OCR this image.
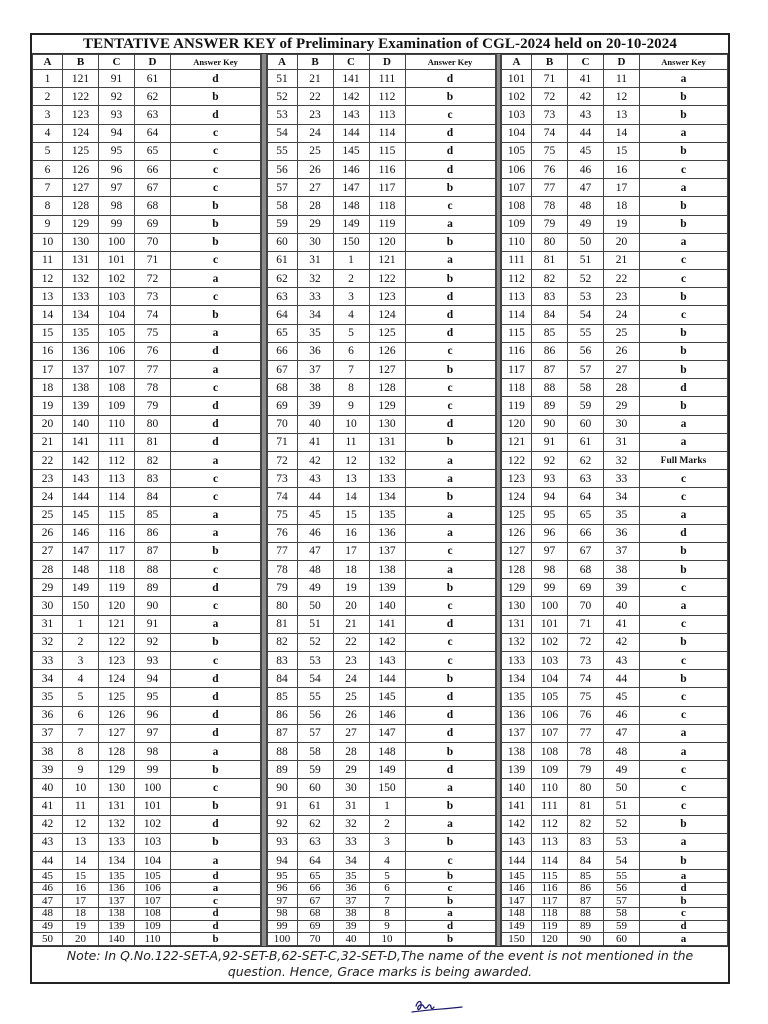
TENTATIVE ANSWER KEY of Preliminary Examination of CGL-2024 held on 20-10-2024
A	B	C	D	Answer Key
1	121	91	61	d
2	122	92	62	b
3	123	93	63	d
4	124	94	64	c
5	125	95	65	c
6	126	96	66	c
7	127	97	67	c
8	128	98	68	b
9	129	99	69	b
10	130	100	70	b
11	131	101	71	c
12	132	102	72	a
13	133	103	73	c
14	134	104	74	b
15	135	105	75	a
16	136	106	76	d
17	137	107	77	a
18	138	108	78	c
19	139	109	79	d
20	140	110	80	d
21	141	111	81	d
22	142	112	82	a
23	143	113	83	c
24	144	114	84	c
25	145	115	85	a
26	146	116	86	a
27	147	117	87	b
28	148	118	88	c
29	149	119	89	d
30	150	120	90	c
31	1	121	91	a
32	2	122	92	b
33	3	123	93	c
34	4	124	94	d
35	5	125	95	d
36	6	126	96	d
37	7	127	97	d
38	8	128	98	a
39	9	129	99	b
40	10	130	100	c
41	11	131	101	b
42	12	132	102	d
43	13	133	103	b
44	14	134	104	a
45	15	135	105	d
46	16	136	106	a
47	17	137	107	c
48	18	138	108	d
49	19	139	109	d
50	20	140	110	b
A	B	C	D	Answer Key
51	21	141	111	d
52	22	142	112	b
53	23	143	113	c
54	24	144	114	d
55	25	145	115	d
56	26	146	116	d
57	27	147	117	b
58	28	148	118	c
59	29	149	119	a
60	30	150	120	b
61	31	1	121	a
62	32	2	122	b
63	33	3	123	d
64	34	4	124	d
65	35	5	125	d
66	36	6	126	c
67	37	7	127	b
68	38	8	128	c
69	39	9	129	c
70	40	10	130	d
71	41	11	131	b
72	42	12	132	a
73	43	13	133	a
74	44	14	134	b
75	45	15	135	a
76	46	16	136	a
77	47	17	137	c
78	48	18	138	a
79	49	19	139	b
80	50	20	140	c
81	51	21	141	d
82	52	22	142	c
83	53	23	143	c
84	54	24	144	b
85	55	25	145	d
86	56	26	146	d
87	57	27	147	d
88	58	28	148	b
89	59	29	149	d
90	60	30	150	a
91	61	31	1	b
92	62	32	2	a
93	63	33	3	b
94	64	34	4	c
95	65	35	5	b
96	66	36	6	c
97	67	37	7	b
98	68	38	8	a
99	69	39	9	d
100	70	40	10	b
A	B	C	D	Answer Key
101	71	41	11	a
102	72	42	12	b
103	73	43	13	b
104	74	44	14	a
105	75	45	15	b
106	76	46	16	c
107	77	47	17	a
108	78	48	18	b
109	79	49	19	b
110	80	50	20	a
111	81	51	21	c
112	82	52	22	c
113	83	53	23	b
114	84	54	24	c
115	85	55	25	b
116	86	56	26	b
117	87	57	27	b
118	88	58	28	d
119	89	59	29	b
120	90	60	30	a
121	91	61	31	a
122	92	62	32	Full Marks
123	93	63	33	c
124	94	64	34	c
125	95	65	35	a
126	96	66	36	d
127	97	67	37	b
128	98	68	38	b
129	99	69	39	c
130	100	70	40	a
131	101	71	41	c
132	102	72	42	b
133	103	73	43	c
134	104	74	44	b
135	105	75	45	c
136	106	76	46	c
137	107	77	47	a
138	108	78	48	a
139	109	79	49	c
140	110	80	50	c
141	111	81	51	c
142	112	82	52	b
143	113	83	53	a
144	114	84	54	b
145	115	85	55	a
146	116	86	56	d
147	117	87	57	b
148	118	88	58	c
149	119	89	59	d
150	120	90	60	a
Note: In Q.No.122-SET-A,92-SET-B,62-SET-C,32-SET-D,The name of the event is not mentioned in the question. Hence, Grace marks is being awarded.
